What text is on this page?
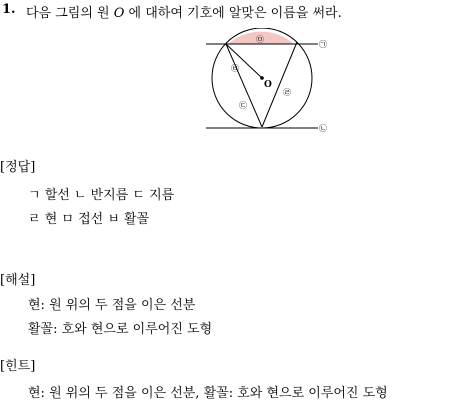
1. 다음 그림의 원 O 에 대하여 기호에 알맞은 이름을 써라.
O
㉤
㉠
㉡
㉥
㉢
㉣
[정답]
ㄱ 할선 ㄴ 반지름 ㄷ 지름
ㄹ 현 ㅁ 접선 ㅂ 활꼴
[해설]
현: 원 위의 두 점을 이은 선분
활꼴: 호와 현으로 이루어진 도형
[힌트]
현: 원 위의 두 점을 이은 선분, 활꼴: 호와 현으로 이루어진 도형
